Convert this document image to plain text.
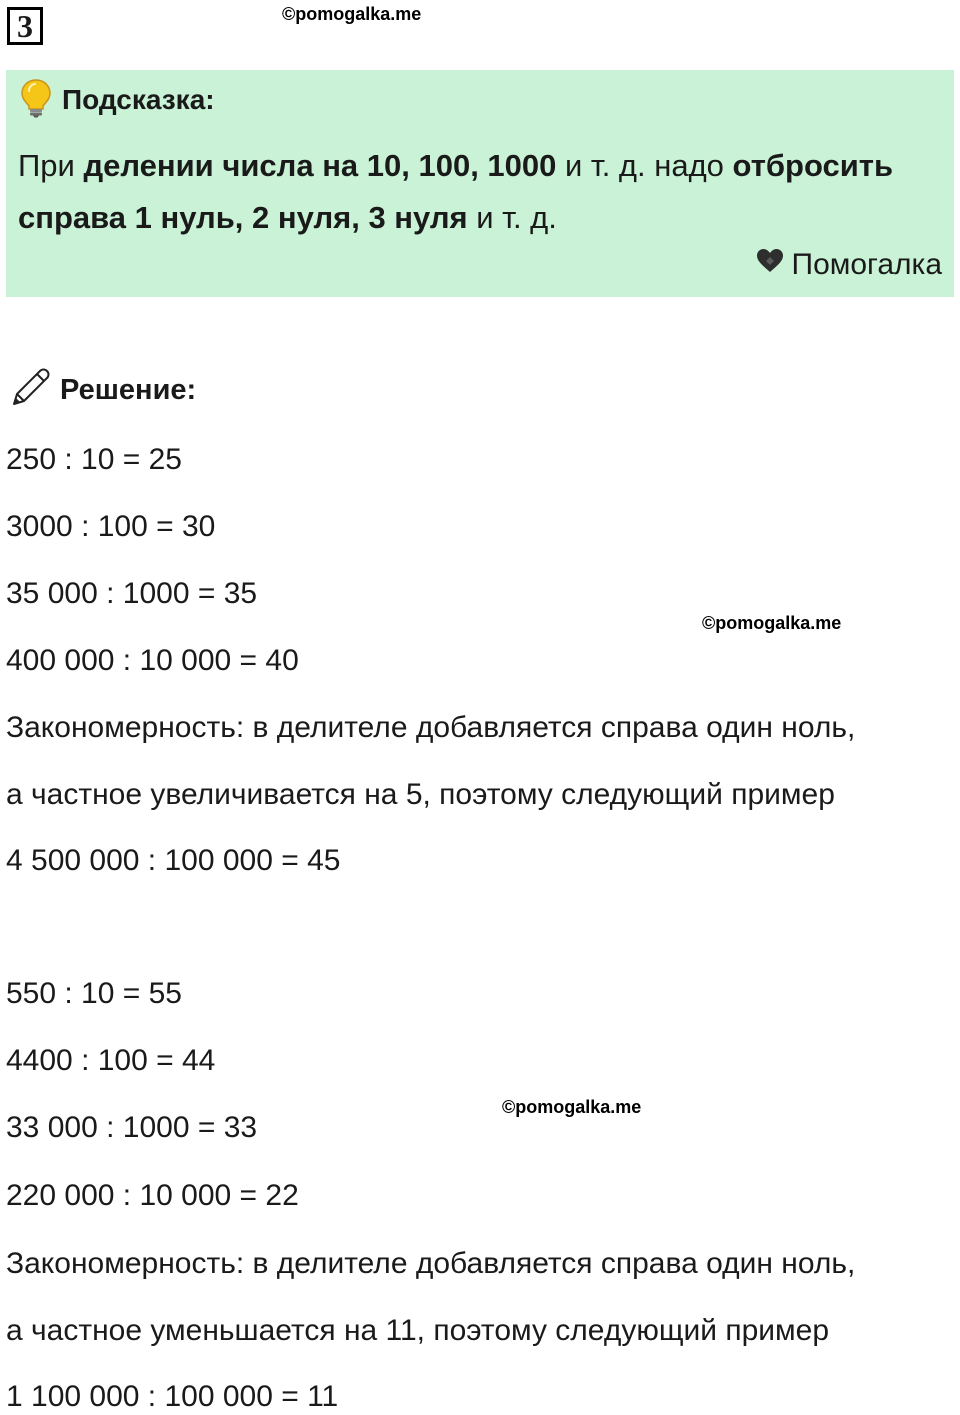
3	©pomogalka.me
©pomogalka.me
©pomogalka.me
Подсказка:
При делении числа на 10, 100, 1000 и т. д. надо отбросить справа 1 нуль, 2 нуля, 3 нуля и т. д.
Помогалка
Решение:
250 : 10 = 25
3000 : 100 = 30
35 000 : 1000 = 35
400 000 : 10 000 = 40
Закономерность: в делителе добавляется справа один ноль,
а частное увеличивается на 5, поэтому следующий пример
4 500 000 : 100 000 = 45
550 : 10 = 55
4400 : 100 = 44
33 000 : 1000 = 33
220 000 : 10 000 = 22
Закономерность: в делителе добавляется справа один ноль,
а частное уменьшается на 11, поэтому следующий пример
1 100 000 : 100 000 = 11
